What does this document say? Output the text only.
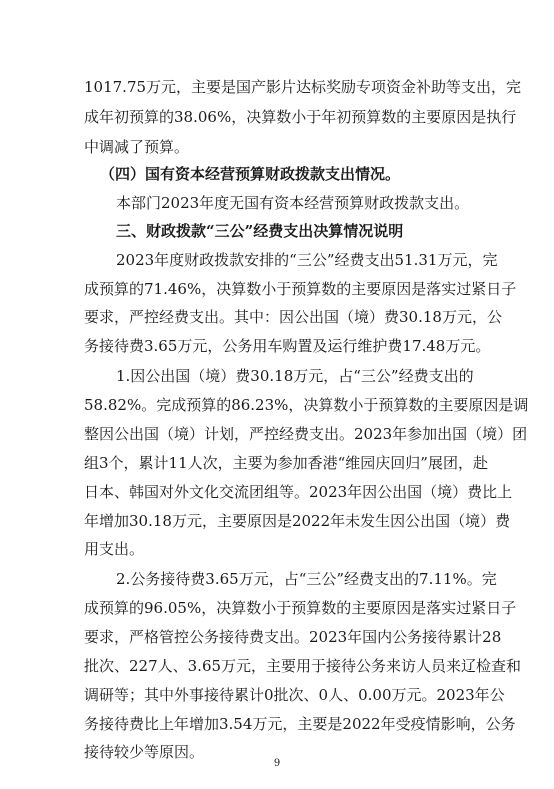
1017.75万元，主要是国产影片达标奖励专项资金补助等支出，完
成年初预算的38.06%，决算数小于年初预算数的主要原因是执行
中调减了预算。
（四）国有资本经营预算财政拨款支出情况。
本部门2023年度无国有资本经营预算财政拨款支出。
三、财政拨款“三公”经费支出决算情况说明
2023年度财政拨款安排的“三公”经费支出51.31万元，完
成预算的71.46%，决算数小于预算数的主要原因是落实过紧日子
要求，严控经费支出。其中：因公出国（境）费30.18万元，公
务接待费3.65万元，公务用车购置及运行维护费17.48万元。
1.因公出国（境）费30.18万元，占“三公”经费支出的
58.82%。完成预算的86.23%，决算数小于预算数的主要原因是调
整因公出国（境）计划，严控经费支出。2023年参加出国（境）团
组3个，累计11人次，主要为参加香港“维园庆回归”展团，赴
日本、韩国对外文化交流团组等。2023年因公出国（境）费比上
年增加30.18万元，主要原因是2022年未发生因公出国（境）费
用支出。
2.公务接待费3.65万元，占“三公”经费支出的7.11%。完
成预算的96.05%，决算数小于预算数的主要原因是落实过紧日子
要求，严格管控公务接待费支出。2023年国内公务接待累计28
批次、227人、3.65万元，主要用于接待公务来访人员来辽检查和
调研等；其中外事接待累计0批次、0人、0.00万元。2023年公
务接待费比上年增加3.54万元，主要是2022年受疫情影响，公务
接待较少等原因。
9
